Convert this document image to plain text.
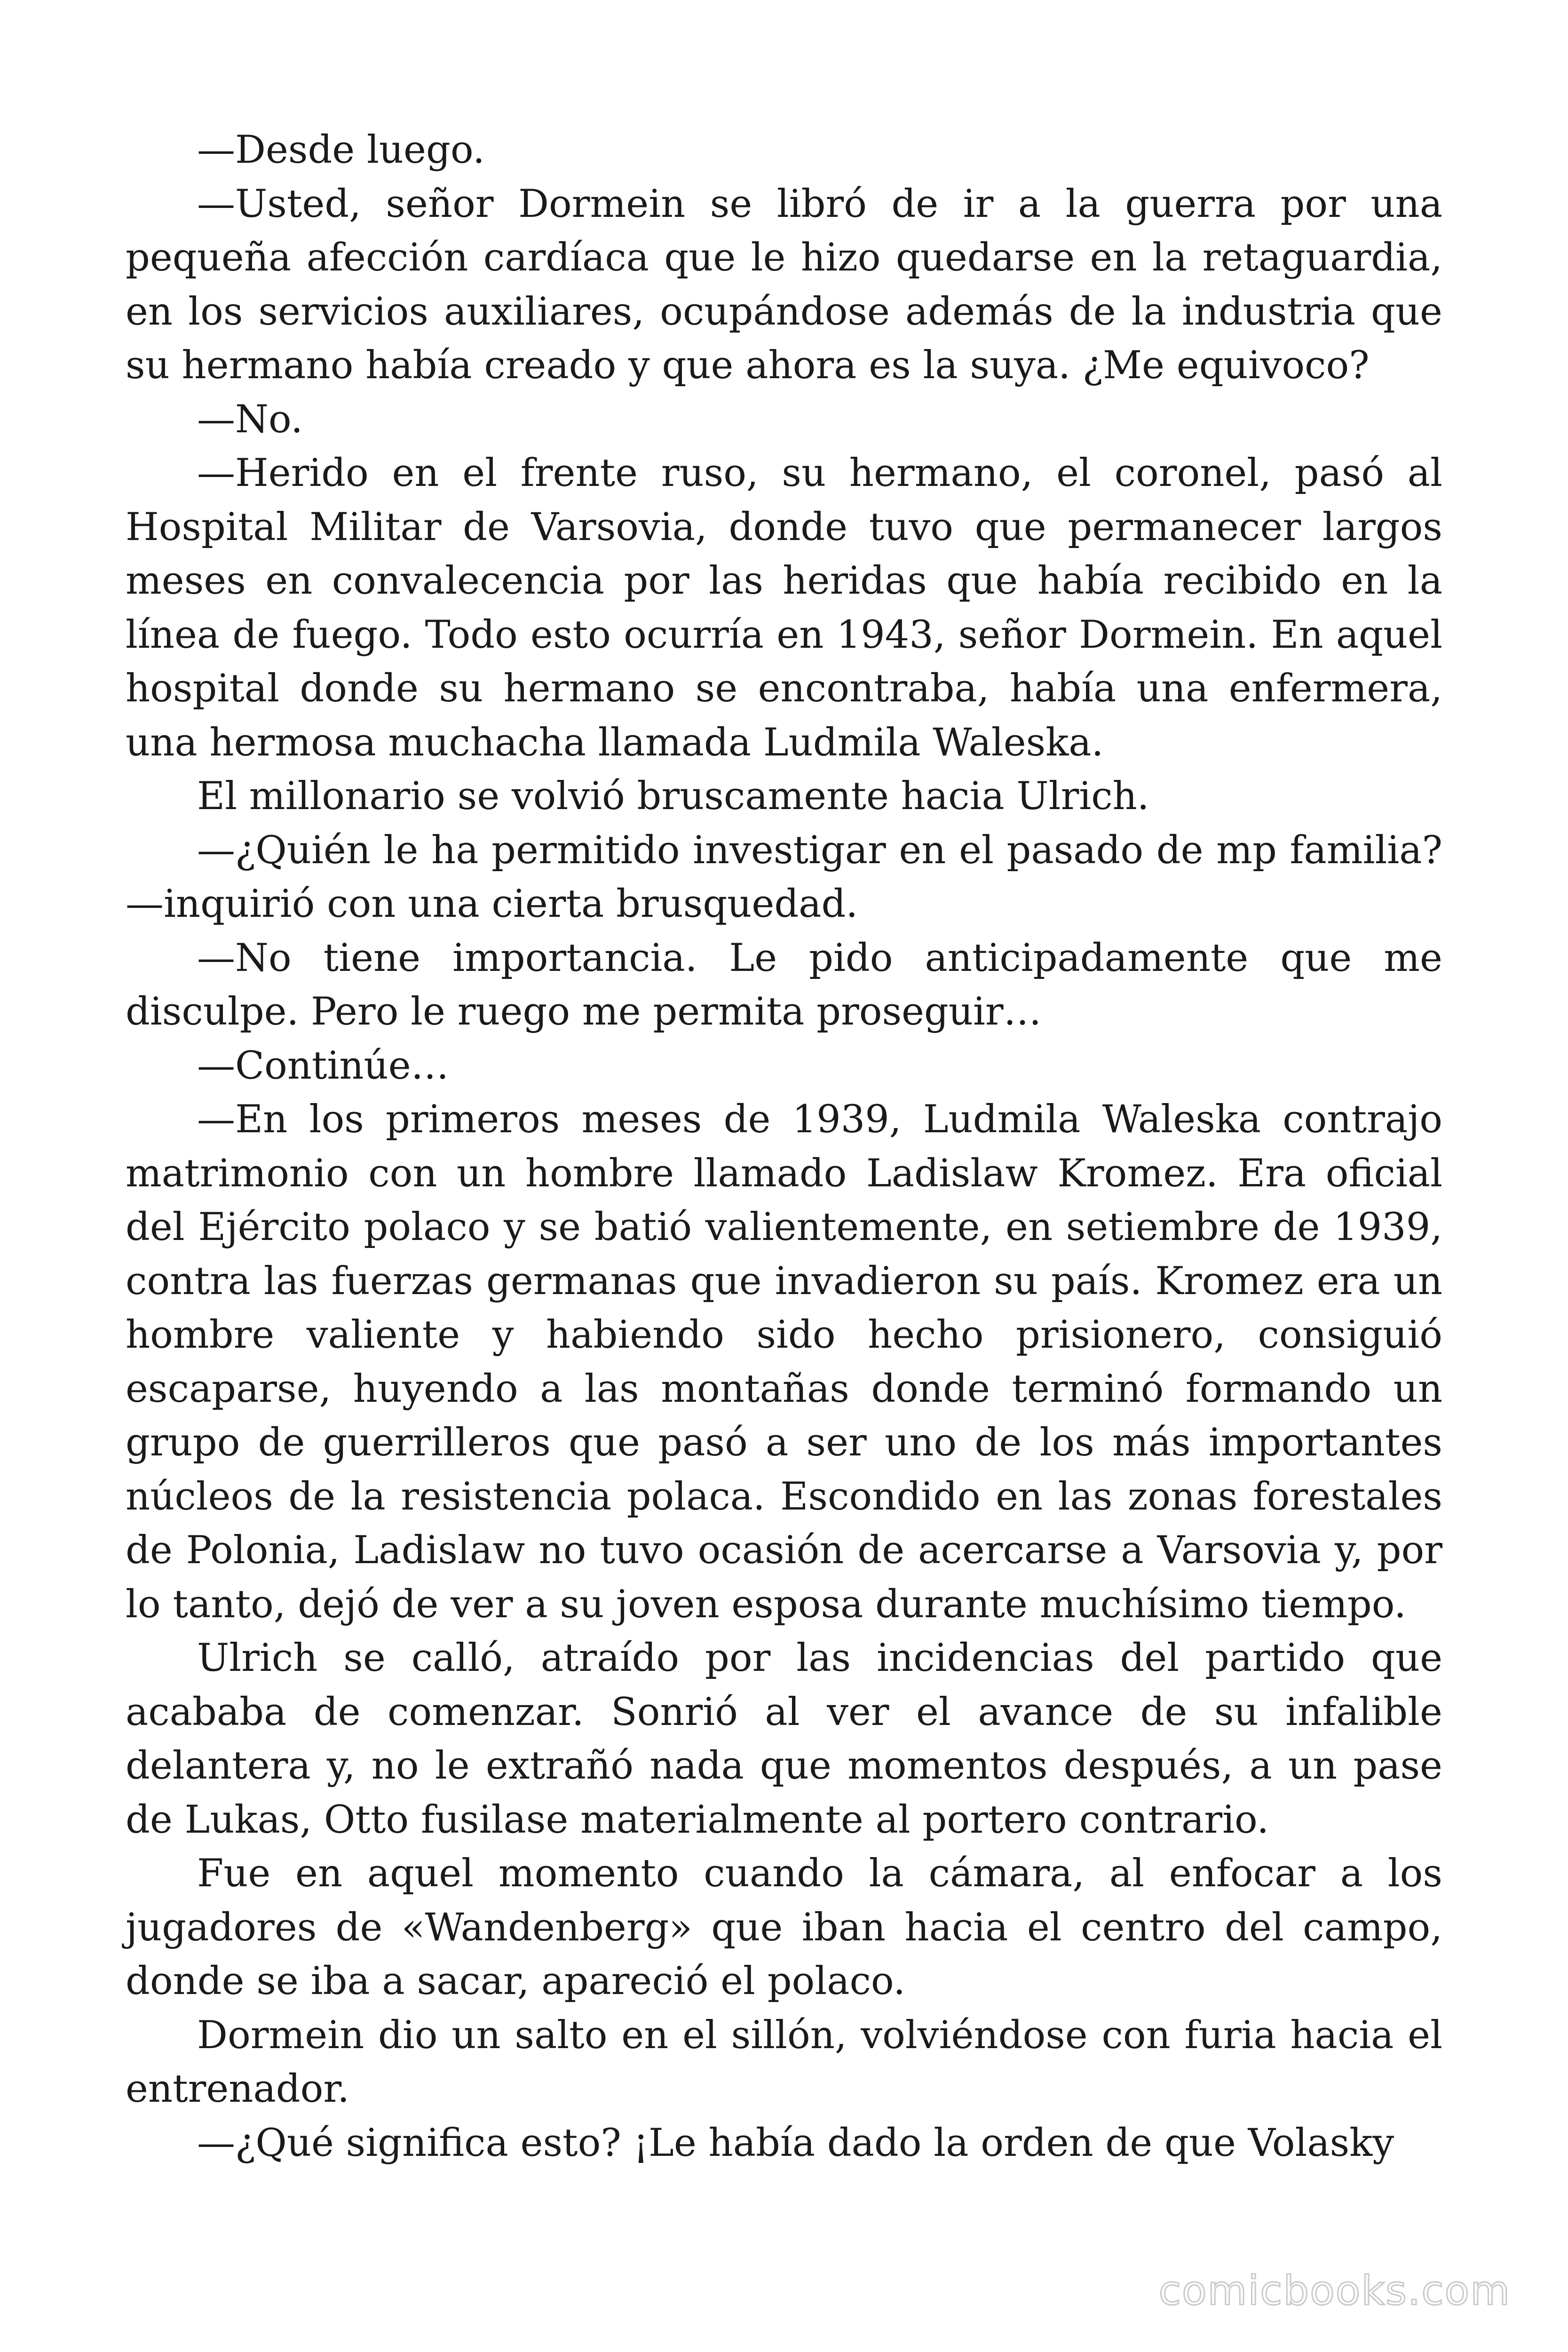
—Desde luego.

—Usted, señor Dormein se libró de ir a la guerra por una pequeña afección cardíaca que le hizo quedarse en la retaguardia, en los servicios auxiliares, ocupándose además de la industria que su hermano había creado y que ahora es la suya. ¿Me equivoco?

—No.

—Herido en el frente ruso, su hermano, el coronel, pasó al Hospital Militar de Varsovia, donde tuvo que permanecer largos meses en convalecencia por las heridas que había recibido en la línea de fuego. Todo esto ocurría en 1943, señor Dormein. En aquel hospital donde su hermano se encontraba, había una enfermera, una hermosa muchacha llamada Ludmila Waleska.

El millonario se volvió bruscamente hacia Ulrich.

—¿Quién le ha permitido investigar en el pasado de mp familia? —inquirió con una cierta brusquedad.

—No tiene importancia. Le pido anticipadamente que me disculpe. Pero le ruego me permita proseguir…

—Continúe…

—En los primeros meses de 1939, Ludmila Waleska contrajo matrimonio con un hombre llamado Ladislaw Kromez. Era oficial del Ejército polaco y se batió valientemente, en setiembre de 1939, contra las fuerzas germanas que invadieron su país. Kromez era un hombre valiente y habiendo sido hecho prisionero, consiguió escaparse, huyendo a las montañas donde terminó formando un grupo de guerrilleros que pasó a ser uno de los más importantes núcleos de la resistencia polaca. Escondido en las zonas forestales de Polonia, Ladislaw no tuvo ocasión de acercarse a Varsovia y, por lo tanto, dejó de ver a su joven esposa durante muchísimo tiempo.

Ulrich se calló, atraído por las incidencias del partido que acababa de comenzar. Sonrió al ver el avance de su infalible delantera y, no le extrañó nada que momentos después, a un pase de Lukas, Otto fusilase materialmente al portero contrario.

Fue en aquel momento cuando la cámara, al enfocar a los jugadores de «Wandenberg» que iban hacia el centro del campo, donde se iba a sacar, apareció el polaco.

Dormein dio un salto en el sillón, volviéndose con furia hacia el entrenador.

—¿Qué significa esto? ¡Le había dado la orden de que Volasky

comicbooks.com
